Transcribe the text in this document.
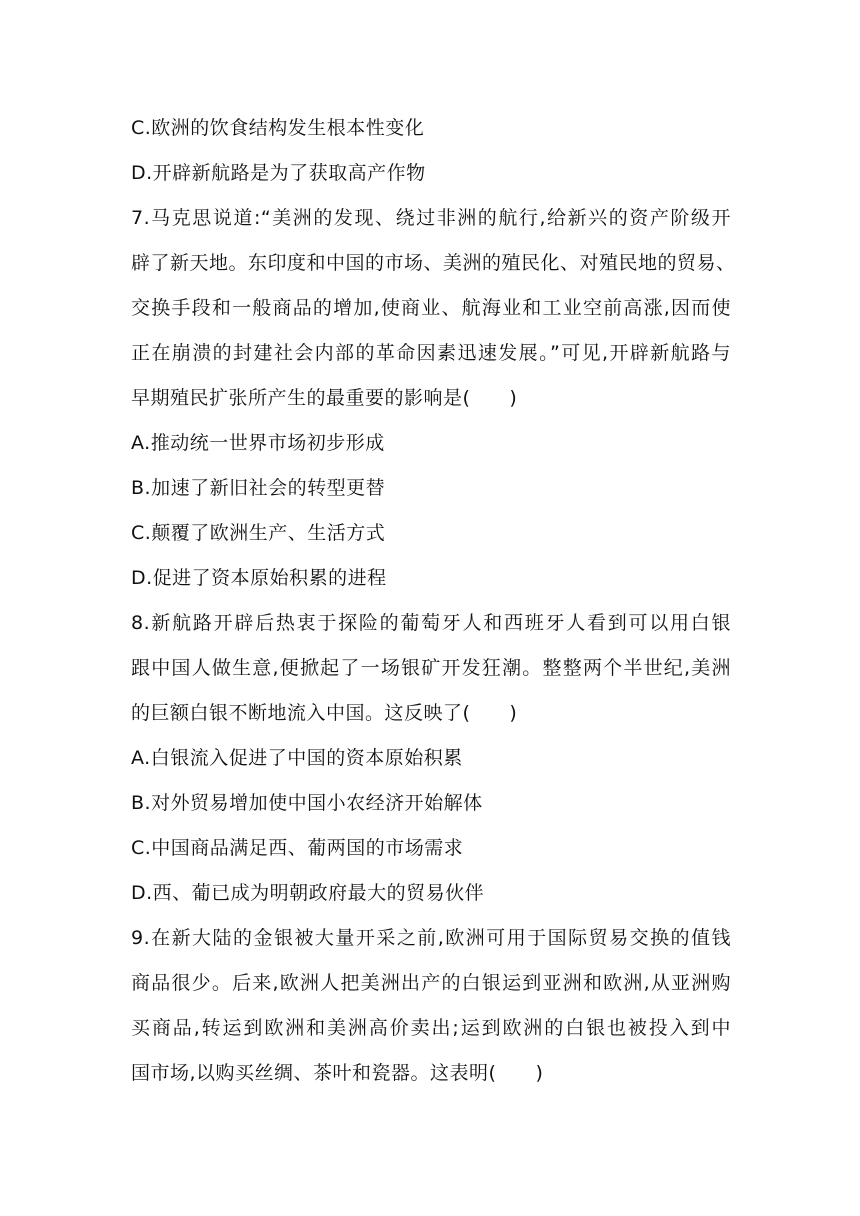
C.欧洲的饮食结构发生根本性变化
D.开辟新航路是为了获取高产作物
7.马克思说道:“美洲的发现、绕过非洲的航行,给新兴的资产阶级开
辟了新天地。东印度和中国的市场、美洲的殖民化、对殖民地的贸易、
交换手段和一般商品的增加,使商业、航海业和工业空前高涨,因而使
正在崩溃的封建社会内部的革命因素迅速发展。”可见,开辟新航路与
早期殖民扩张所产生的最重要的影响是(　　)
A.推动统一世界市场初步形成
B.加速了新旧社会的转型更替
C.颠覆了欧洲生产、生活方式
D.促进了资本原始积累的进程
8.新航路开辟后热衷于探险的葡萄牙人和西班牙人看到可以用白银
跟中国人做生意,便掀起了一场银矿开发狂潮。整整两个半世纪,美洲
的巨额白银不断地流入中国。这反映了(　　)
A.白银流入促进了中国的资本原始积累
B.对外贸易增加使中国小农经济开始解体
C.中国商品满足西、葡两国的市场需求
D.西、葡已成为明朝政府最大的贸易伙伴
9.在新大陆的金银被大量开采之前,欧洲可用于国际贸易交换的值钱
商品很少。后来,欧洲人把美洲出产的白银运到亚洲和欧洲,从亚洲购
买商品,转运到欧洲和美洲高价卖出;运到欧洲的白银也被投入到中
国市场,以购买丝绸、茶叶和瓷器。这表明(　　)
